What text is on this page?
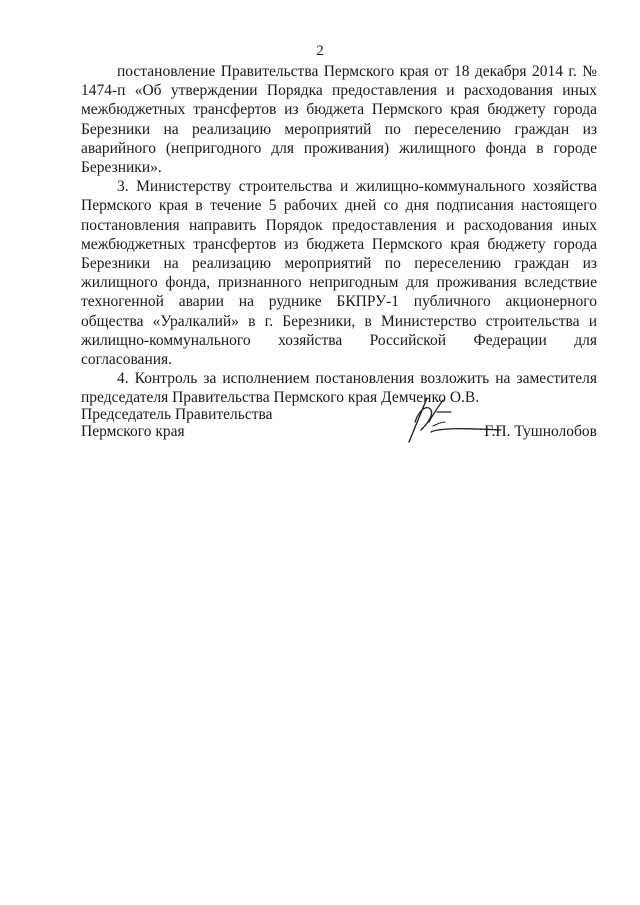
2

постановление Правительства Пермского края от 18 декабря 2014 г. № 1474-п «Об утверждении Порядка предоставления и расходования иных межбюджетных трансфертов из бюджета Пермского края бюджету города Березники на реализацию мероприятий по переселению граждан из аварийного (непригодного для проживания) жилищного фонда в городе Березники».

3. Министерству строительства и жилищно-коммунального хозяйства Пермского края в течение 5 рабочих дней со дня подписания настоящего постановления направить Порядок предоставления и расходования иных межбюджетных трансфертов из бюджета Пермского края бюджету города Березники на реализацию мероприятий по переселению граждан из жилищного фонда, признанного непригодным для проживания вследствие техногенной аварии на руднике БКПРУ-1 публичного акционерного общества «Уралкалий» в г. Березники, в Министерство строительства и жилищно-коммунального хозяйства Российской Федерации для согласования.

4. Контроль за исполнением постановления возложить на заместителя председателя Правительства Пермского края Демченко О.В.

Председатель Правительства
Пермского края	Г.П. Тушнолобов
